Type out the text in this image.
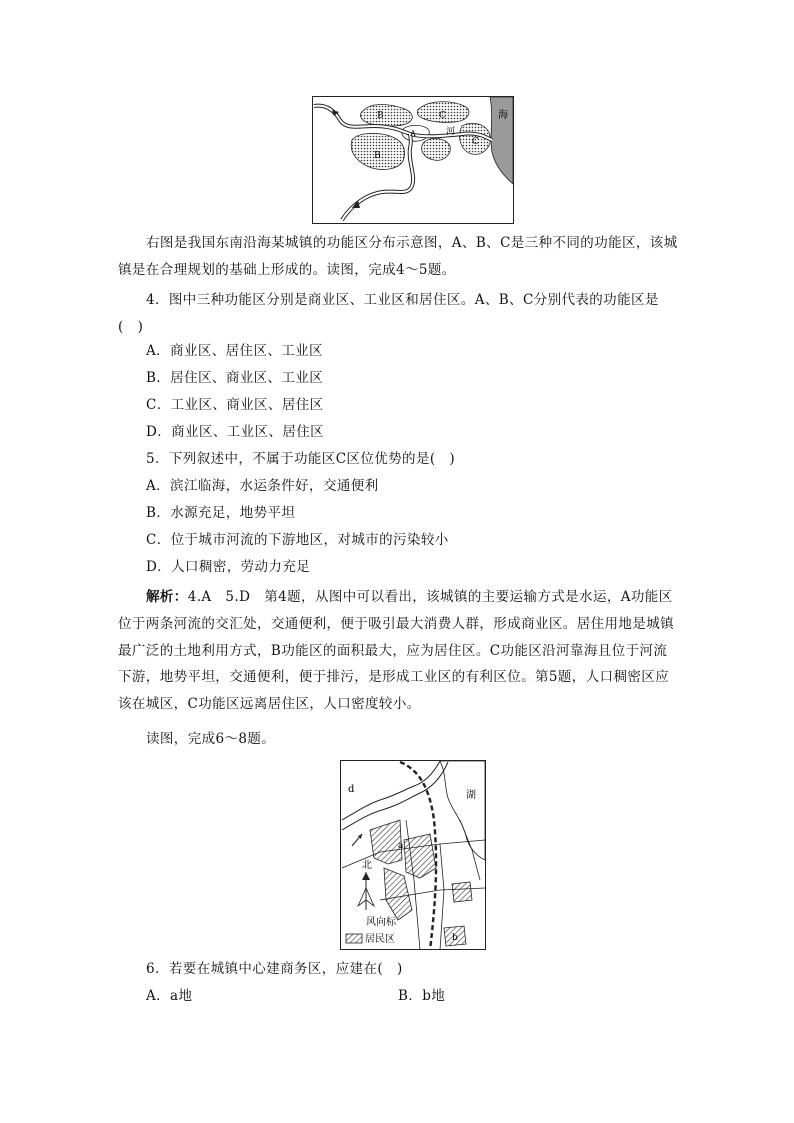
海
河
B	C
A
B
C
右图是我国东南沿海某城镇的功能区分布示意图，A、B、C是三种不同的功能区，该城镇是在合理规划的基础上形成的。读图，完成4～5题。
4．图中三种功能区分别是商业区、工业区和居住区。A、B、C分别代表的功能区是(　)
A．商业区、居住区、工业区
B．居住区、商业区、工业区
C．工业区、商业区、居住区
D．商业区、工业区、居住区
5．下列叙述中，不属于功能区C区位优势的是(　)
A．滨江临海，水运条件好，交通便利
B．水源充足，地势平坦
C．位于城市河流的下游地区，对城市的污染较小
D．人口稠密，劳动力充足
解析：4.A　5.D　 第4题，从图中可以看出，该城镇的主要运输方式是水运，A功能区位于两条河流的交汇处，交通便利，便于吸引最大消费人群，形成商业区。居住用地是城镇最广泛的土地利用方式，B功能区的面积最大，应为居住区。C功能区沿河靠海且位于河流下游，地势平坦，交通便利，便于排污，是形成工业区的有利区位。第5题，人口稠密区应该在城区，C功能区远离居住区，人口密度较小。
读图，完成6～8题。
d
湖
a
b
北
风向标
居民区
6．若要在城镇中心建商务区，应建在(　)
A．a地	B．b地
